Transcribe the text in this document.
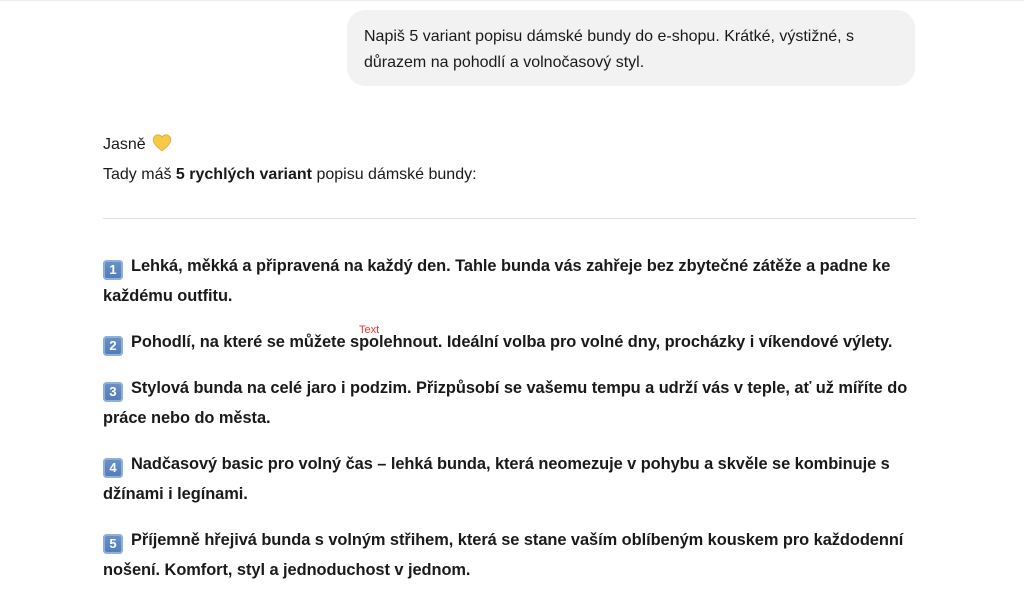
Napiš 5 variant popisu dámské bundy do e-shopu. Krátké, výstižné, s důrazem na pohodlí a volnočasový styl.
Jasně
Tady máš 5 rychlých variant popisu dámské bundy:
1 Lehká, měkká a připravená na každý den. Tahle bunda vás zahřeje bez zbytečné zátěže a padne ke každému outfitu.
2 Pohodlí, na které se můžete spolehnout. Ideální volba pro volné dny, procházky i víkendové výlety.
3 Stylová bunda na celé jaro i podzim. Přizpůsobí se vašemu tempu a udrží vás v teple, ať už míříte do práce nebo do města.
4 Nadčasový basic pro volný čas – lehká bunda, která neomezuje v pohybu a skvěle se kombinuje s džínami i legínami.
5 Příjemně hřejivá bunda s volným střihem, která se stane vaším oblíbeným kouskem pro každodenní nošení. Komfort, styl a jednoduchost v jednom.
Text
